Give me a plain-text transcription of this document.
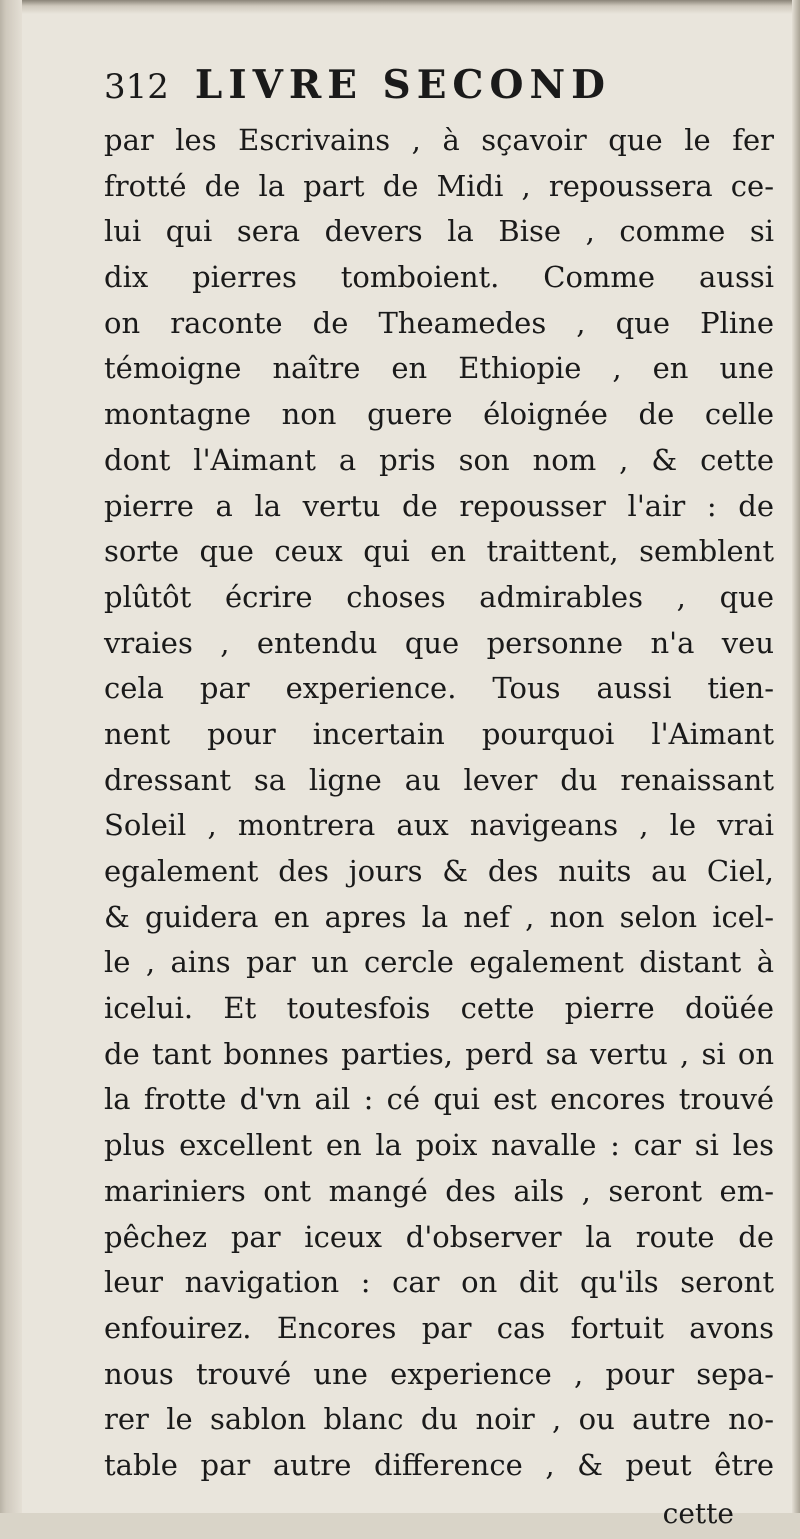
312 LIVRE SECOND
par les Escrivains , à sçavoir que le fer
frotté de la part de Midi , repoussera ce-
lui qui sera devers la Bise , comme si
dix pierres tomboient. Comme aussi
on raconte de Theamedes , que Pline
témoigne naître en Ethiopie , en une
montagne non guere éloignée de celle
dont l'Aimant a pris son nom , & cette
pierre a la vertu de repousser l'air : de
sorte que ceux qui en traittent, semblent
plûtôt écrire choses admirables , que
vraies , entendu que personne n'a veu
cela par experience. Tous aussi tien-
nent pour incertain pourquoi l'Aimant
dressant sa ligne au lever du renaissant
Soleil , montrera aux navigeans , le vrai
egalement des jours & des nuits au Ciel,
& guidera en apres la nef , non selon icel-
le , ains par un cercle egalement distant à
icelui. Et toutesfois cette pierre doüée
de tant bonnes parties, perd sa vertu , si on
la frotte d'vn ail : cé qui est encores trouvé
plus excellent en la poix navalle : car si les
mariniers ont mangé des ails , seront em-
pêchez par iceux d'observer la route de
leur navigation : car on dit qu'ils seront
enfouirez. Encores par cas fortuit avons
nous trouvé une experience , pour sepa-
rer le sablon blanc du noir , ou autre no-
table par autre difference , & peut être
cette
